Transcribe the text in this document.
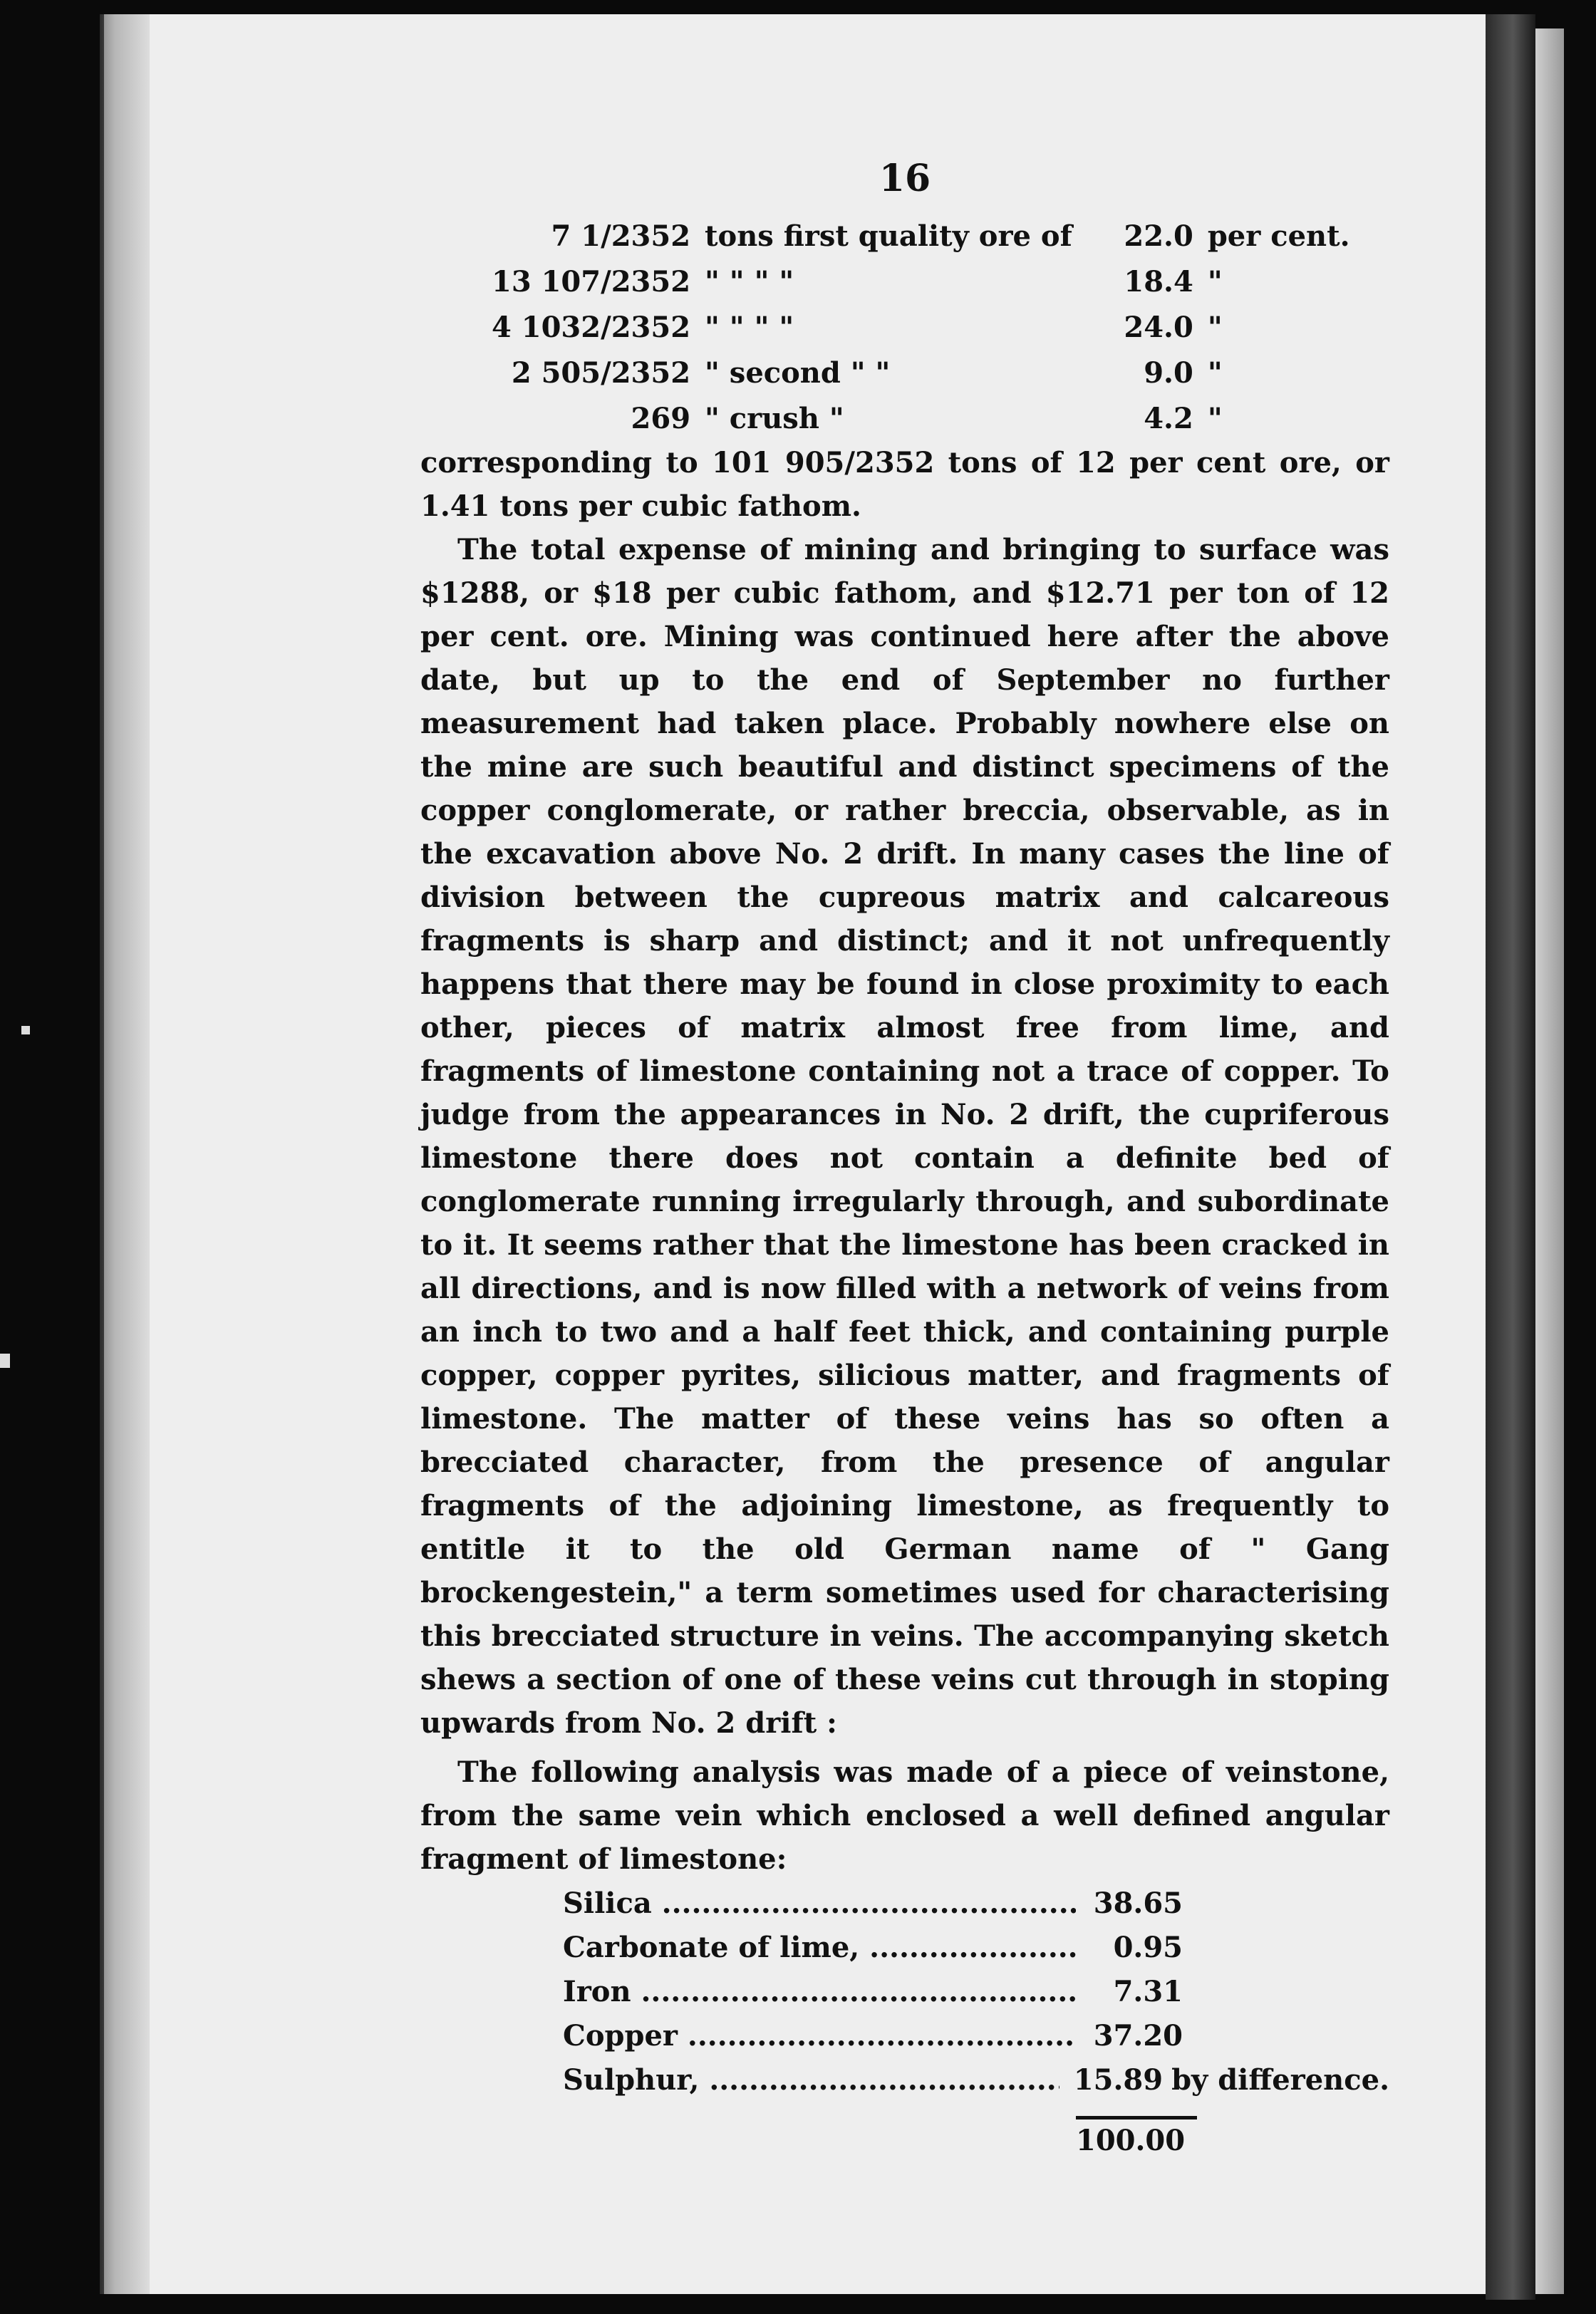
16
7 1/2352	tons first quality ore of	22.0	per cent.
13 107/2352	" " " "	18.4	"
4 1032/2352	" " " "	24.0	"
2 505/2352	" second " "	9.0	"
269	" crush "	4.2	"

corresponding to 101 905/2352 tons of 12 per cent ore, or 1.41 tons per cubic fathom.

The total expense of mining and bringing to surface was $1288, or $18 per cubic fathom, and $12.71 per ton of 12 per cent. ore. Mining was continued here after the above date, but up to the end of September no further measurement had taken place. Probably nowhere else on the mine are such beautiful and distinct specimens of the copper conglomerate, or rather breccia, observable, as in the excavation above No. 2 drift. In many cases the line of division between the cupreous matrix and calcareous fragments is sharp and distinct; and it not unfrequently happens that there may be found in close proximity to each other, pieces of matrix almost free from lime, and fragments of limestone containing not a trace of copper. To judge from the appearances in No. 2 drift, the cupriferous limestone there does not contain a definite bed of conglomerate running irregularly through, and subordinate to it. It seems rather that the limestone has been cracked in all directions, and is now filled with a network of veins from an inch to two and a half feet thick, and containing purple copper, copper pyrites, silicious matter, and fragments of limestone. The matter of these veins has so often a brecciated character, from the presence of angular fragments of the adjoining limestone, as frequently to entitle it to the old German name of " Gang brockengestein," a term sometimes used for characterising this brecciated structure in veins. The accompanying sketch shews a section of one of these veins cut through in stoping upwards from No. 2 drift :

The following analysis was made of a piece of veinstone, from the same vein which enclosed a well defined angular fragment of limestone:

Silica .....	38.65
Carbonate of lime, .....	0.95
Iron .....	7.31
Copper .....	37.20
Sulphur, .....	15.89 by difference.
100.00
